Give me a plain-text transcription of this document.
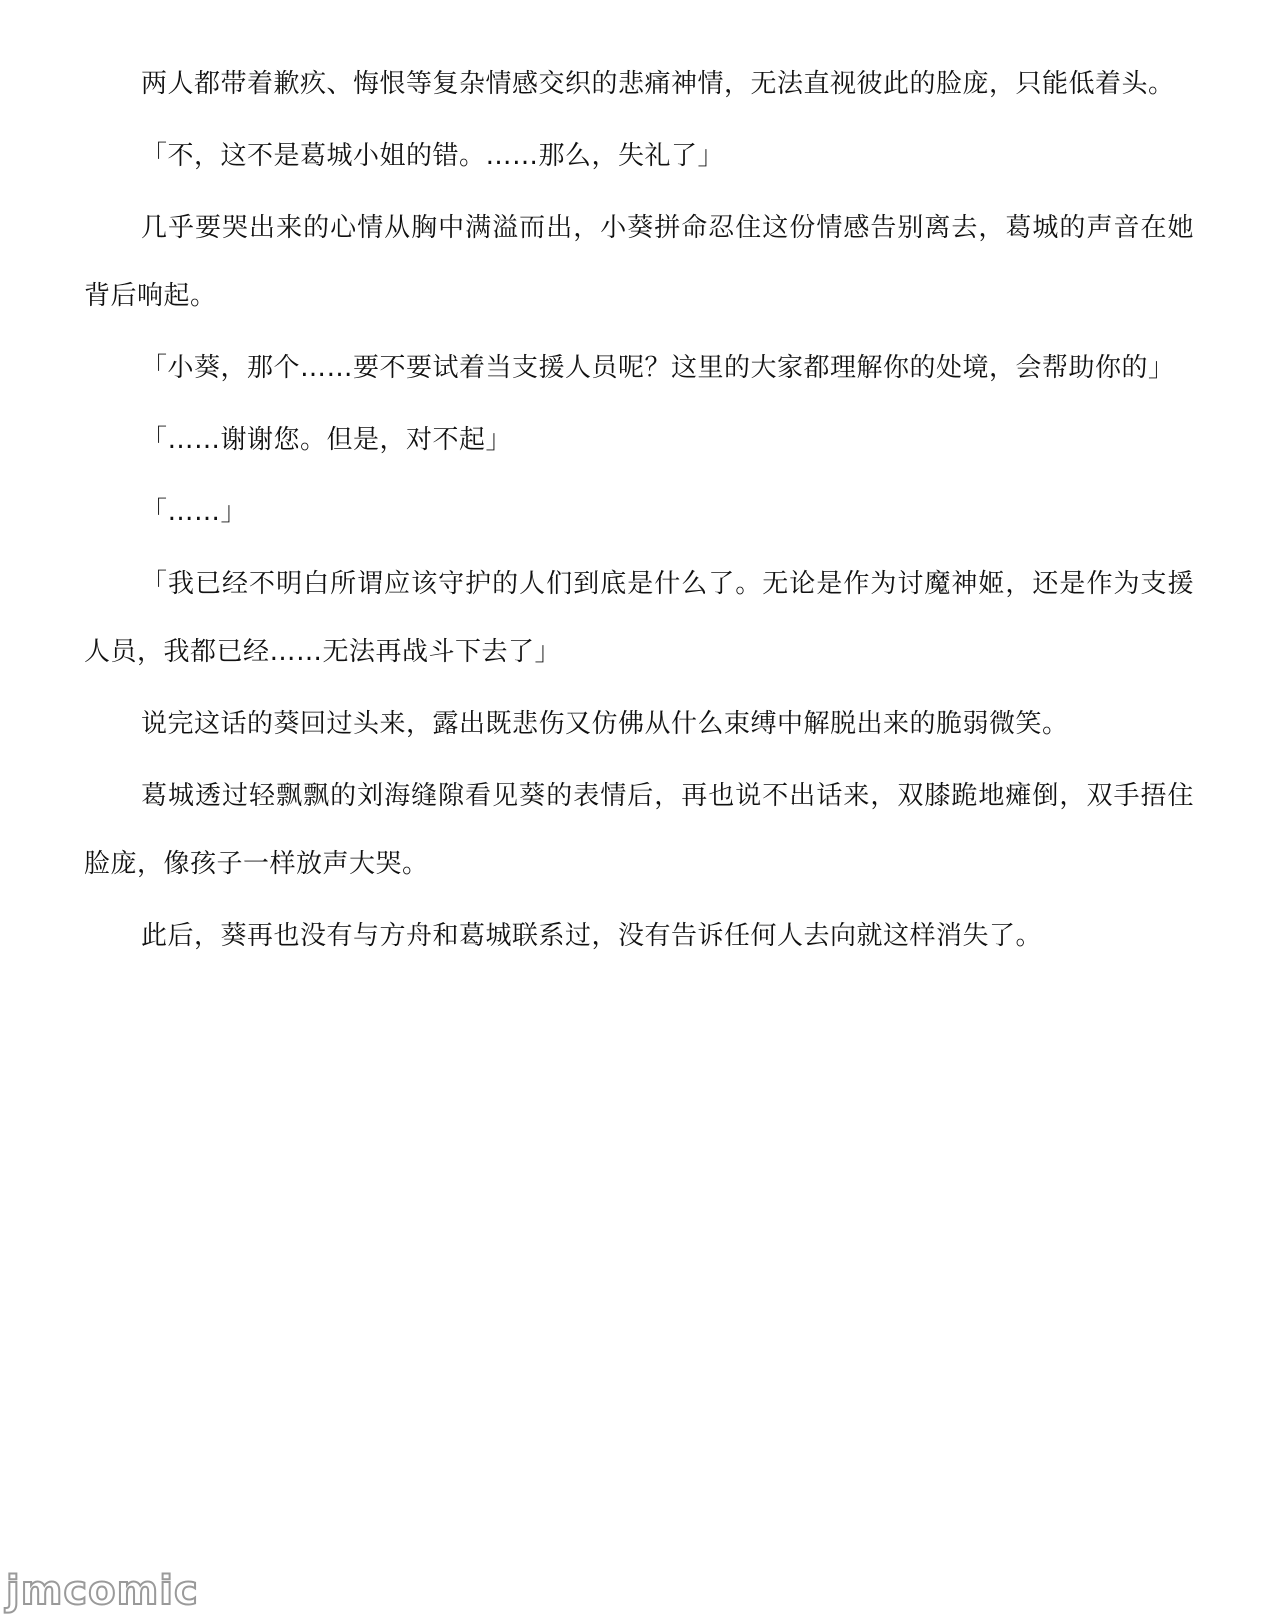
两人都带着歉疚、悔恨等复杂情感交织的悲痛神情，无法直视彼此的脸庞，只能低着头。

「不，这不是葛城小姐的错。……那么，失礼了」

几乎要哭出来的心情从胸中满溢而出，小葵拼命忍住这份情感告别离去，葛城的声音在她背后响起。

「小葵，那个……要不要试着当支援人员呢？这里的大家都理解你的处境，会帮助你的」

「……谢谢您。但是，对不起」

「……」

「我已经不明白所谓应该守护的人们到底是什么了。无论是作为讨魔神姬，还是作为支援人员，我都已经……无法再战斗下去了」

说完这话的葵回过头来，露出既悲伤又仿佛从什么束缚中解脱出来的脆弱微笑。

葛城透过轻飘飘的刘海缝隙看见葵的表情后，再也说不出话来，双膝跪地瘫倒，双手捂住脸庞，像孩子一样放声大哭。

此后，葵再也没有与方舟和葛城联系过，没有告诉任何人去向就这样消失了。

jmcomic
